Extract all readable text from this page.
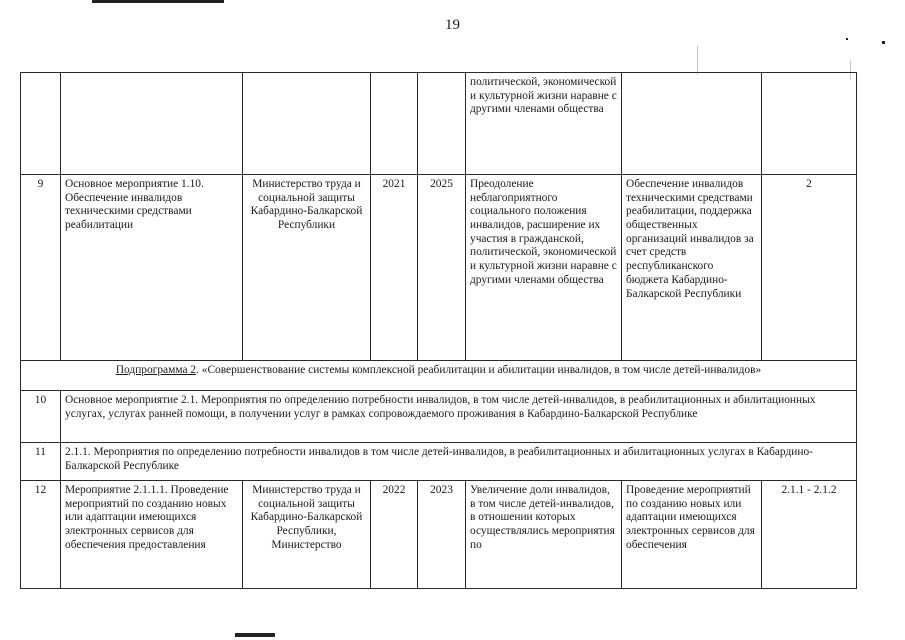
19
					политической, экономической и культурной жизни наравне с другими членами общества		
9	Основное мероприятие 1.10. Обеспечение инвалидов техническими средствами реабилитации	Министерство труда и социальной защиты Кабардино-Балкарской Республики	2021	2025	Преодоление неблагоприятного социального положения инвалидов, расширение их участия в гражданской, политической, экономической и культурной жизни наравне с другими членами общества	Обеспечение инвалидов техническими средствами реабилитации, поддержка общественных организаций инвалидов за счет средств республиканского бюджета Кабардино-Балкарской Республики	2
Подпрограмма 2. «Совершенствование системы комплексной реабилитации и абилитации инвалидов, в том числе детей-инвалидов»							
10	Основное мероприятие 2.1. Мероприятия по определению потребности инвалидов, в том числе детей-инвалидов, в реабилитационных и абилитационных услугах, услугах ранней помощи, в получении услуг в рамках сопровождаемого проживания в Кабардино-Балкарской Республике						
11	2.1.1. Мероприятия по определению потребности инвалидов в том числе детей-инвалидов, в реабилитационных и абилитационных услугах в Кабардино-Балкарской Республике						
12	Мероприятие 2.1.1.1. Проведение мероприятий по созданию новых или адаптации имеющихся электронных сервисов для обеспечения предоставления	Министерство труда и социальной защиты Кабардино-Балкарской Республики, Министерство	2022	2023	Увеличение доли инвалидов, в том числе детей-инвалидов, в отношении которых осуществлялись мероприятия по	Проведение мероприятий по созданию новых или адаптации имеющихся электронных сервисов для обеспечения	2.1.1 - 2.1.2
